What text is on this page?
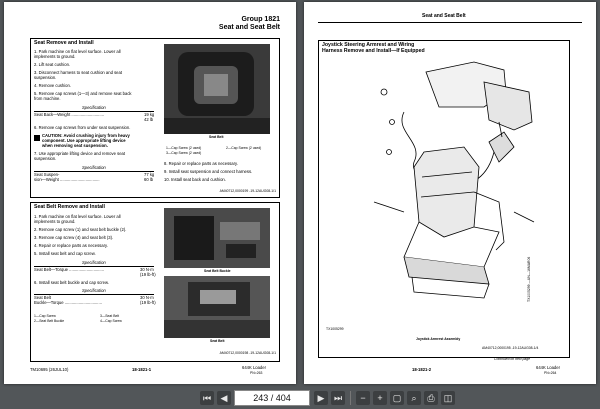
Group 1821
Seat and Seat Belt
Seat Remove and Install
1. Park machine on flat level surface. Lower all
implements to ground.
2. Lift seat cushion.
3. Disconnect harness to seat cushion and seat
suspension.
4. Remove cushion.
5. Remove cap screws (1—3) and remove seat back
from machine.
Specification
Seat Back—Weight ............................	19 kg
42 lb
6. Remove cap screws from under seat suspension.
CAUTION: Avoid crushing injury from heavy
component. Use appropriate lifting device
when removing seat suspension.
7. Use appropriate lifting device and remove seat
suspension.
Specification
Seat Suspen-
sion—Weight ..................................
77 kg
60 lb
Seat Belt
1—Cap Screw (2 used)	2—Cap Screw (2 used)
3—Cap Screw (2 used)
8. Repair or replace parts as necessary.
9. Install seat suspension and connect harness.
10. Install seat back and cushion.
AM40712,0000199 -19-12AUG08-1/1
Seat Belt Remove and Install
1. Park machine on flat level surface. Lower all
implements to ground.
2. Remove cap screw (1) and seat belt buckle (2).
3. Remove cap screw (4) and seat belt (3).
4. Repair or replace parts as necessary.
5. Install seat belt and cap screw.
Specification
Seat Belt—Torque ..............................	30 N·m
(19 lb-ft)
6. Install seat belt buckle and cap screw.
Specification
Seat Belt
Buckle—Torque ................................
30 N·m
(19 lb-ft)
1—Cap Screw
2—Seat Belt Buckle
3—Seat Belt
4—Cap Screw
Seat Belt Buckle
Seat Belt
AM40712,0000198 -19-12AUG08-1/1
TM10695 (26JUL10)	18-1821-1	644K Loader
PN=263
Seat and Seat Belt
Joystick Steering Armrest and Wiring
Harness Remove and Install—If Equipped
TX1005299
Joystick Armrest Assembly
TX1005299 —UN—16MAR06
Continued on next page
AM40712,0000195 -19-12AUG08-1/4
18-1821-2	644K Loader
PN=264
⏮	◀	243 / 404	▶	⏭	−	+	▢	⌕	⎙	◫
